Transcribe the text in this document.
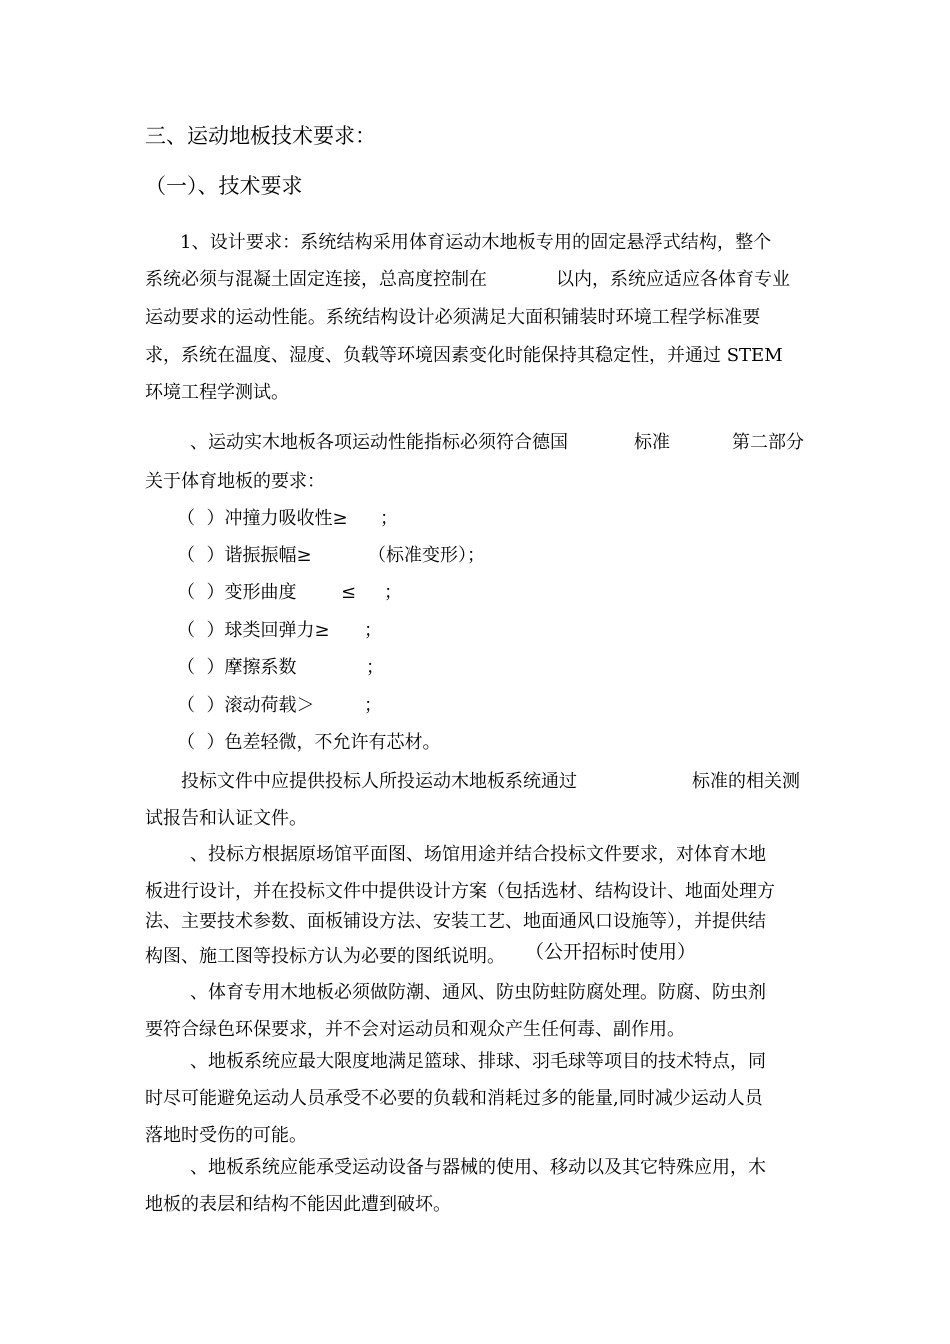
三、运动地板技术要求：
（一）、技术要求
1、设计要求：系统结构采用体育运动木地板专用的固定悬浮式结构，整个
系统必须与混凝土固定连接，总高度控制在	以内，系统应适应各体育专业
运动要求的运动性能。系统结构设计必须满足大面积铺装时环境工程学标准要
求，系统在温度、湿度、负载等环境因素变化时能保持其稳定性，并通过 STEM
环境工程学测试。
、运动实木地板各项运动性能指标必须符合德国	标准	第二部分
关于体育地板的要求：
（  ）冲撞力吸收性≥ ；
（  ）谐振振幅≥	（标准变形）；
（  ）变形曲度 ≤ ；
（  ）球类回弹力≥ ；
（  ）摩擦系数	；
（  ）滚动荷载＞	；
（  ）色差轻微，不允许有芯材。
投标文件中应提供投标人所投运动木地板系统通过	标准的相关测
试报告和认证文件。
、投标方根据原场馆平面图、场馆用途并结合投标文件要求，对体育木地
板进行设计，并在投标文件中提供设计方案（包括选材、结构设计、地面处理方
法、主要技术参数、面板铺设方法、安装工艺、地面通风口设施等），并提供结
构图、施工图等投标方认为必要的图纸说明。 （公开招标时使用）
、体育专用木地板必须做防潮、通风、防虫防蛀防腐处理。防腐、防虫剂
要符合绿色环保要求，并不会对运动员和观众产生任何毒、副作用。
、地板系统应最大限度地满足篮球、排球、羽毛球等项目的技术特点，同
时尽可能避免运动人员承受不必要的负载和消耗过多的能量,同时减少运动人员
落地时受伤的可能。
、地板系统应能承受运动设备与器械的使用、移动以及其它特殊应用，木
地板的表层和结构不能因此遭到破坏。
